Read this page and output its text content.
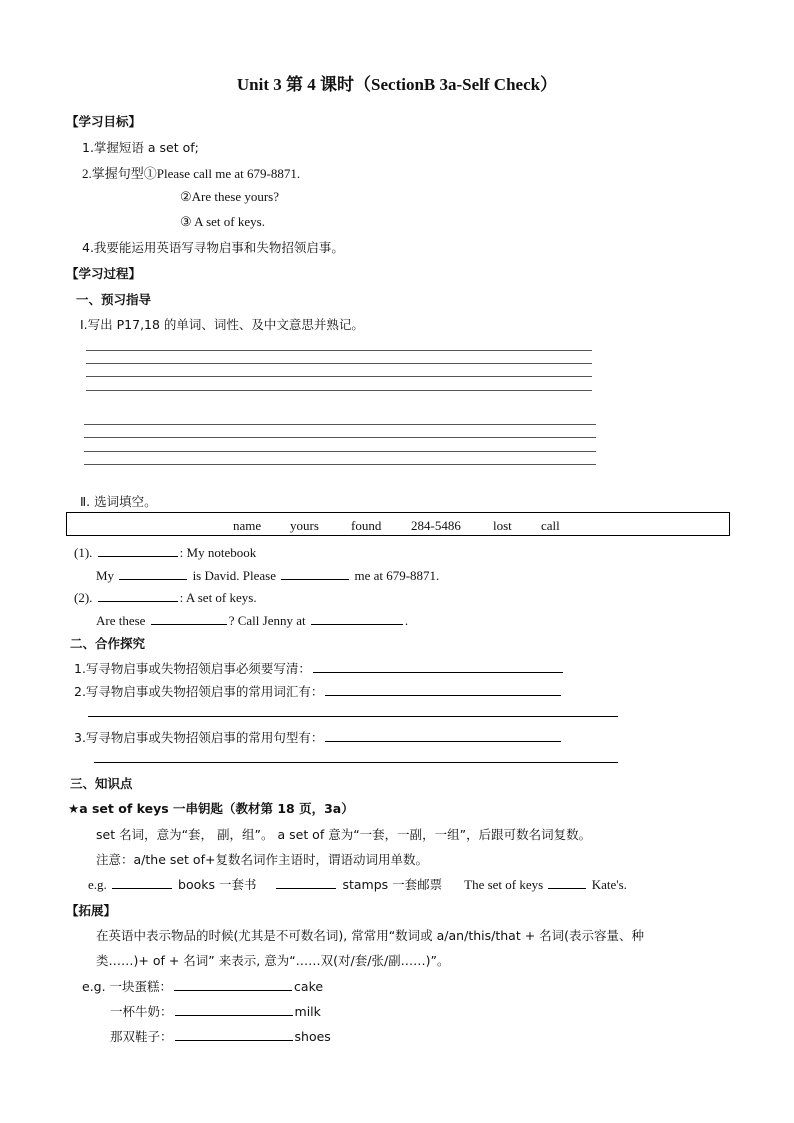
Unit 3 第 4 课时（SectionB 3a-Self Check）
【学习目标】
1.掌握短语 a set of;
2.掌握句型①Please call me at 679-8871.
②Are these yours?
③ A set of keys.
4.我要能运用英语写寻物启事和失物招领启事。
【学习过程】
一、预习指导
Ⅰ.写出 P17,18 的单词、词性、及中文意思并熟记。
Ⅱ. 选词填空。
name yours found 284-5486 lost call
(1).	: My notebook
My	is David. Please	me at 679-8871.
(2).	: A set of keys.
Are these	? Call Jenny at	.
二、合作探究
1.写寻物启事或失物招领启事必须要写清：
2.写寻物启事或失物招领启事的常用词汇有：
3.写寻物启事或失物招领启事的常用句型有：
三、知识点
★a set of keys 一串钥匙（教材第 18 页，3a）
set 名词，意为“套， 副，组”。 a set of 意为“一套，一副，一组”，后跟可数名词复数。
注意：a/the set of+复数名词作主语时，谓语动词用单数。
e.g.	books 一套书	stamps 一套邮票 The set of keys	Kate's.
【拓展】
在英语中表示物品的时候(尤其是不可数名词), 常常用“数词或 a/an/this/that + 名词(表示容量、种
类……)+ of + 名词” 来表示, 意为“……双(对/套/张/副……)”。
e.g. 一块蛋糕：	cake
一杯牛奶：	milk
那双鞋子：	shoes
